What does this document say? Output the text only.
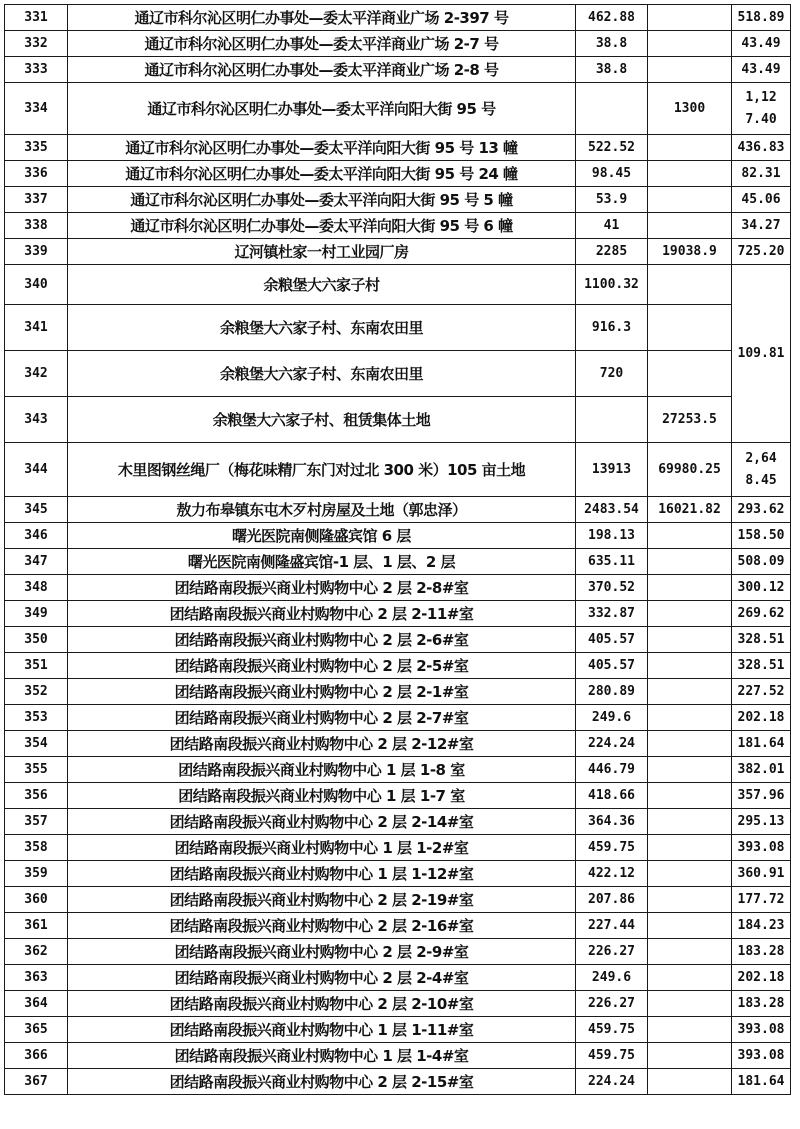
331	通辽市科尔沁区明仁办事处—委太平洋商业广场 2-397 号	462.88		518.89
332	通辽市科尔沁区明仁办事处—委太平洋商业广场 2-7 号	38.8		43.49
333	通辽市科尔沁区明仁办事处—委太平洋商业广场 2-8 号	38.8		43.49
334	通辽市科尔沁区明仁办事处—委太平洋向阳大街 95 号		1300	1,127.40
335	通辽市科尔沁区明仁办事处—委太平洋向阳大街 95 号 13 幢	522.52		436.83
336	通辽市科尔沁区明仁办事处—委太平洋向阳大街 95 号 24 幢	98.45		82.31
337	通辽市科尔沁区明仁办事处—委太平洋向阳大街 95 号 5 幢	53.9		45.06
338	通辽市科尔沁区明仁办事处—委太平洋向阳大街 95 号 6 幢	41		34.27
339	辽河镇杜家一村工业园厂房	2285	19038.9	725.20
340	余粮堡大六家子村	1100.32		109.81
341	余粮堡大六家子村、东南农田里	916.3		
342	余粮堡大六家子村、东南农田里	720		
343	余粮堡大六家子村、租赁集体土地		27253.5	
344	木里图钢丝绳厂（梅花味精厂东门对过北 300 米）105 亩土地	13913	69980.25	2,648.45
345	敖力布皋镇东屯木歹村房屋及土地（郭忠泽）	2483.54	16021.82	293.62
346	曙光医院南侧隆盛宾馆 6 层	198.13		158.50
347	曙光医院南侧隆盛宾馆-1 层、1 层、2 层	635.11		508.09
348	团结路南段振兴商业村购物中心 2 层 2-8#室	370.52		300.12
349	团结路南段振兴商业村购物中心 2 层 2-11#室	332.87		269.62
350	团结路南段振兴商业村购物中心 2 层 2-6#室	405.57		328.51
351	团结路南段振兴商业村购物中心 2 层 2-5#室	405.57		328.51
352	团结路南段振兴商业村购物中心 2 层 2-1#室	280.89		227.52
353	团结路南段振兴商业村购物中心 2 层 2-7#室	249.6		202.18
354	团结路南段振兴商业村购物中心 2 层 2-12#室	224.24		181.64
355	团结路南段振兴商业村购物中心 1 层 1-8 室	446.79		382.01
356	团结路南段振兴商业村购物中心 1 层 1-7 室	418.66		357.96
357	团结路南段振兴商业村购物中心 2 层 2-14#室	364.36		295.13
358	团结路南段振兴商业村购物中心 1 层 1-2#室	459.75		393.08
359	团结路南段振兴商业村购物中心 1 层 1-12#室	422.12		360.91
360	团结路南段振兴商业村购物中心 2 层 2-19#室	207.86		177.72
361	团结路南段振兴商业村购物中心 2 层 2-16#室	227.44		184.23
362	团结路南段振兴商业村购物中心 2 层 2-9#室	226.27		183.28
363	团结路南段振兴商业村购物中心 2 层 2-4#室	249.6		202.18
364	团结路南段振兴商业村购物中心 2 层 2-10#室	226.27		183.28
365	团结路南段振兴商业村购物中心 1 层 1-11#室	459.75		393.08
366	团结路南段振兴商业村购物中心 1 层 1-4#室	459.75		393.08
367	团结路南段振兴商业村购物中心 2 层 2-15#室	224.24		181.64
